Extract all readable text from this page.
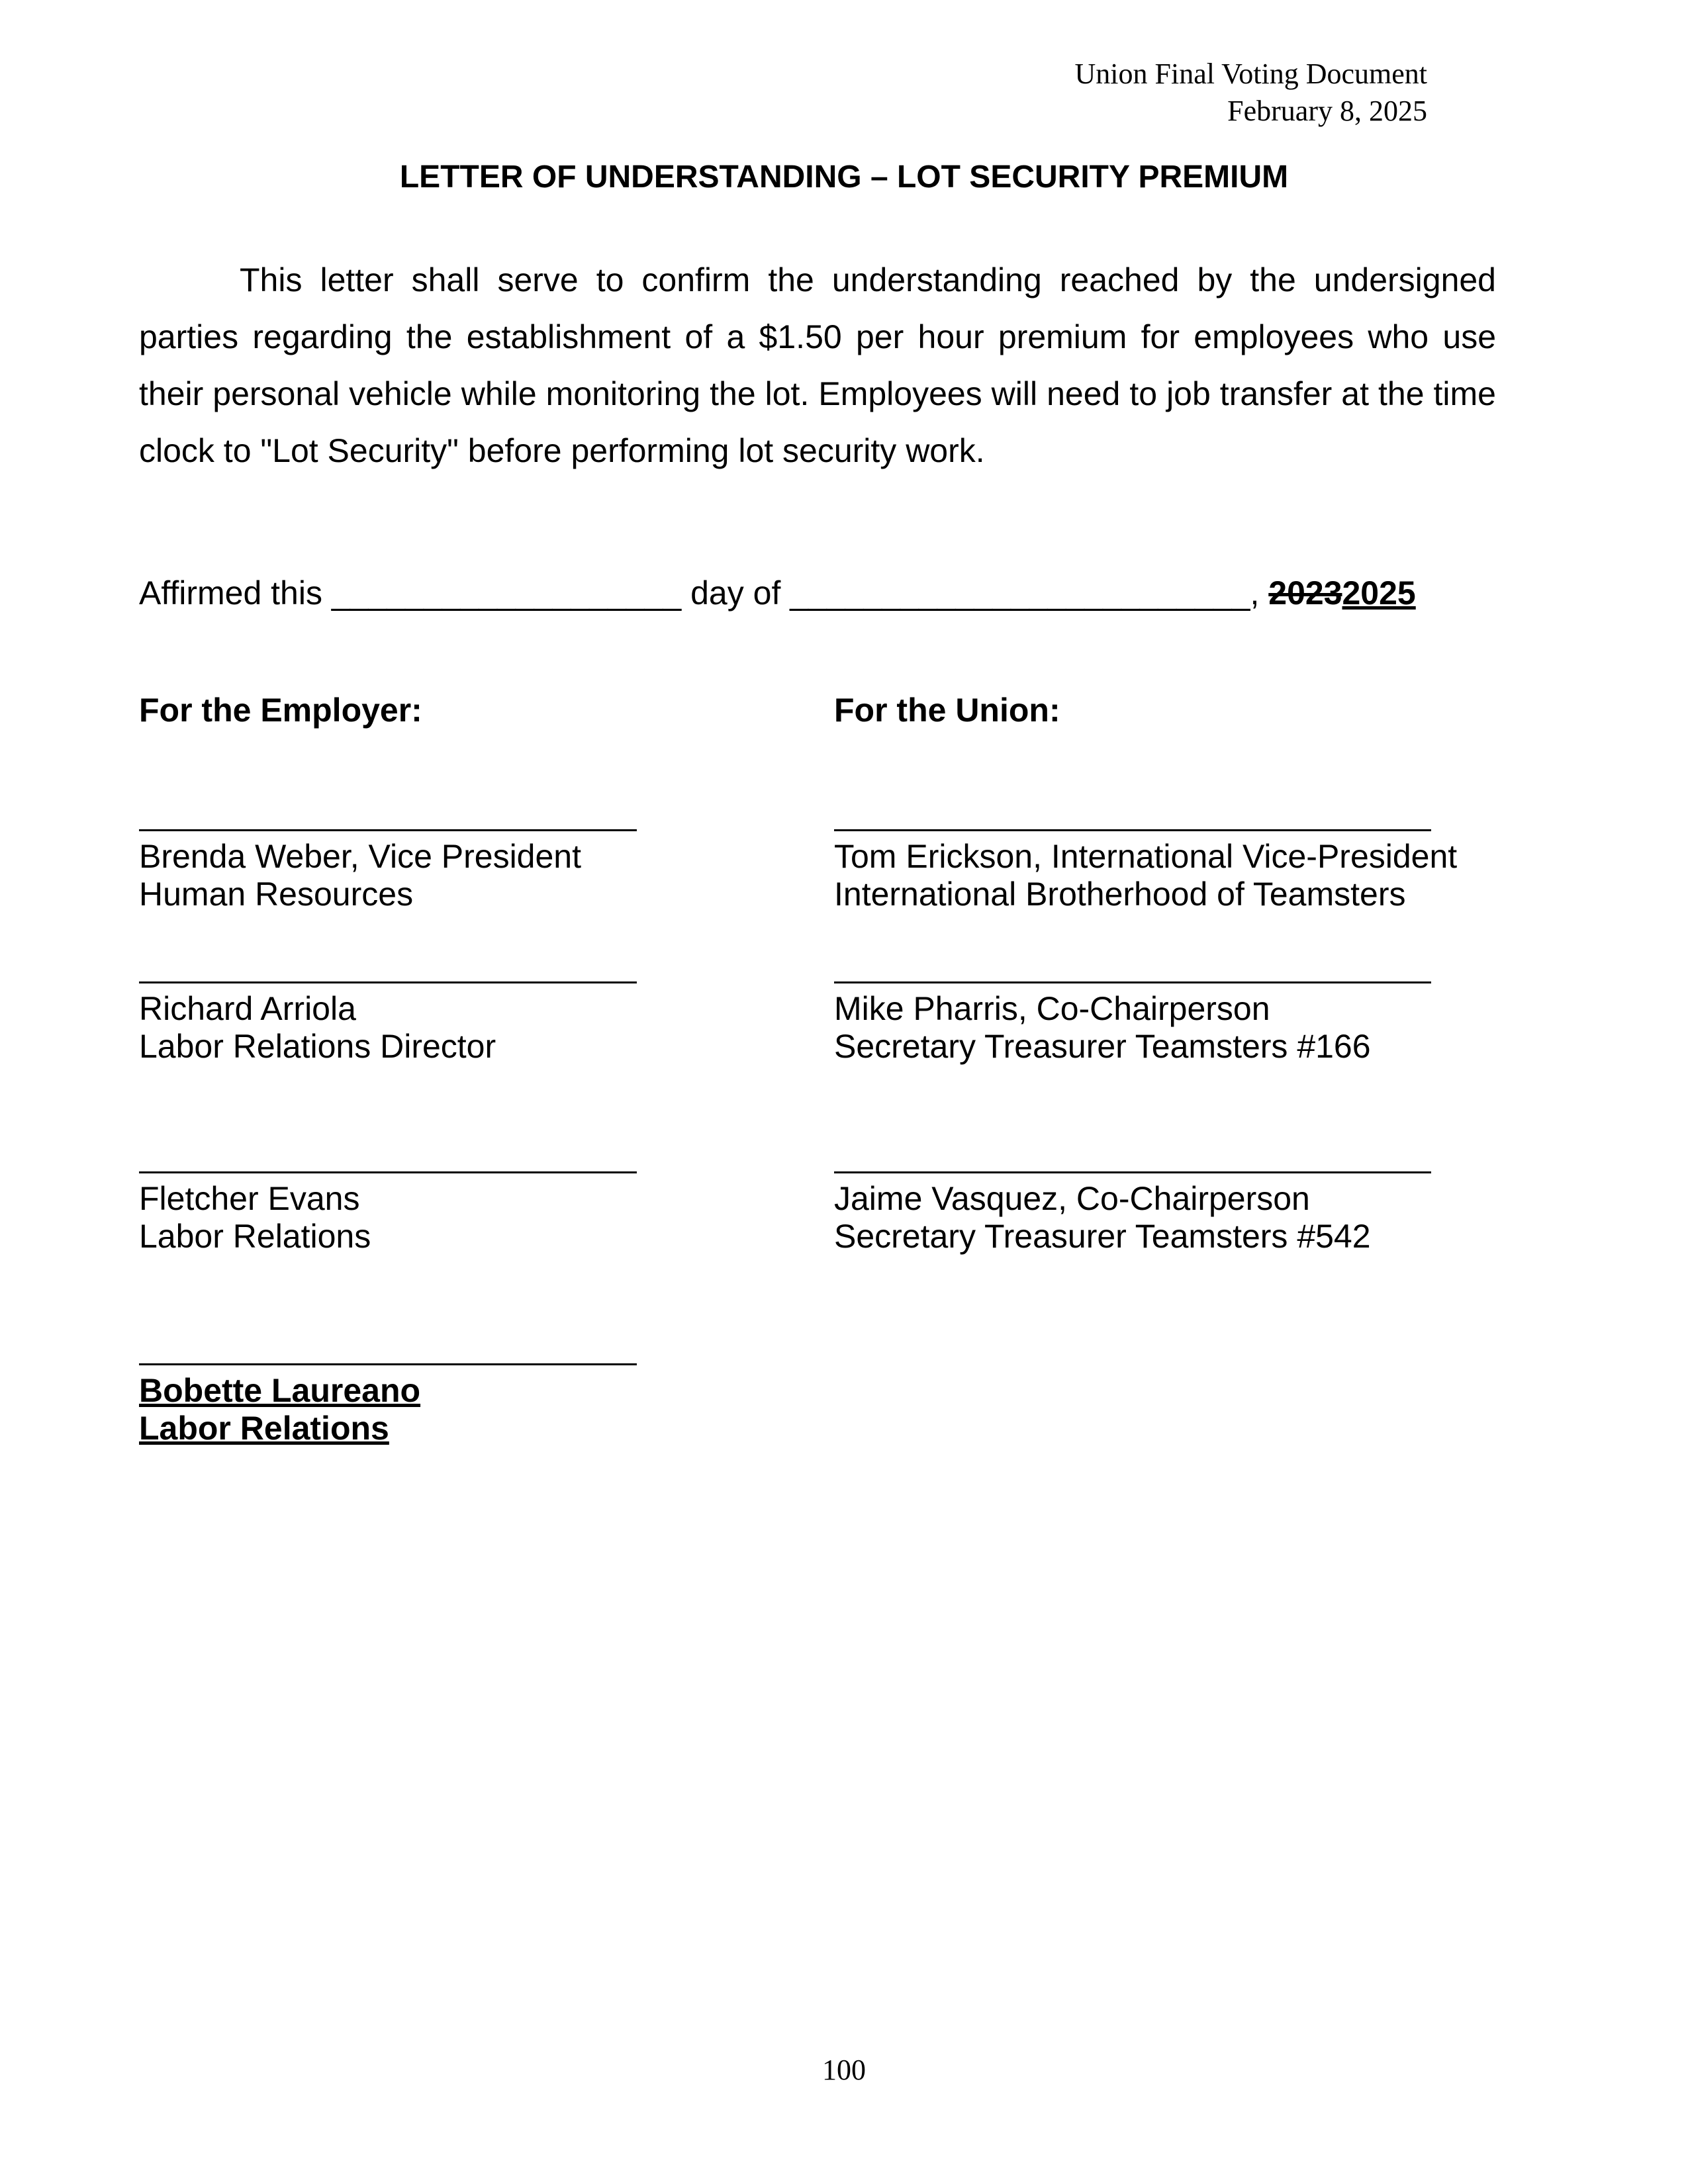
Union Final Voting Document
February 8, 2025
LETTER OF UNDERSTANDING – LOT SECURITY PREMIUM

This letter shall serve to confirm the understanding reached by the undersigned parties regarding the establishment of a $1.50 per hour premium for employees who use their personal vehicle while monitoring the lot. Employees will need to job transfer at the time clock to "Lot Security" before performing lot security work.

Affirmed this ___________________ day of _________________________, 20232025
For the Employer:	For the Union:
Brenda Weber, Vice President
Human Resources
Richard Arriola
Labor Relations Director
Fletcher Evans
Labor Relations
Bobette Laureano
Labor Relations
Tom Erickson, International Vice-President
International Brotherhood of Teamsters
Mike Pharris, Co-Chairperson
Secretary Treasurer Teamsters #166
Jaime Vasquez, Co-Chairperson
Secretary Treasurer Teamsters #542
100
